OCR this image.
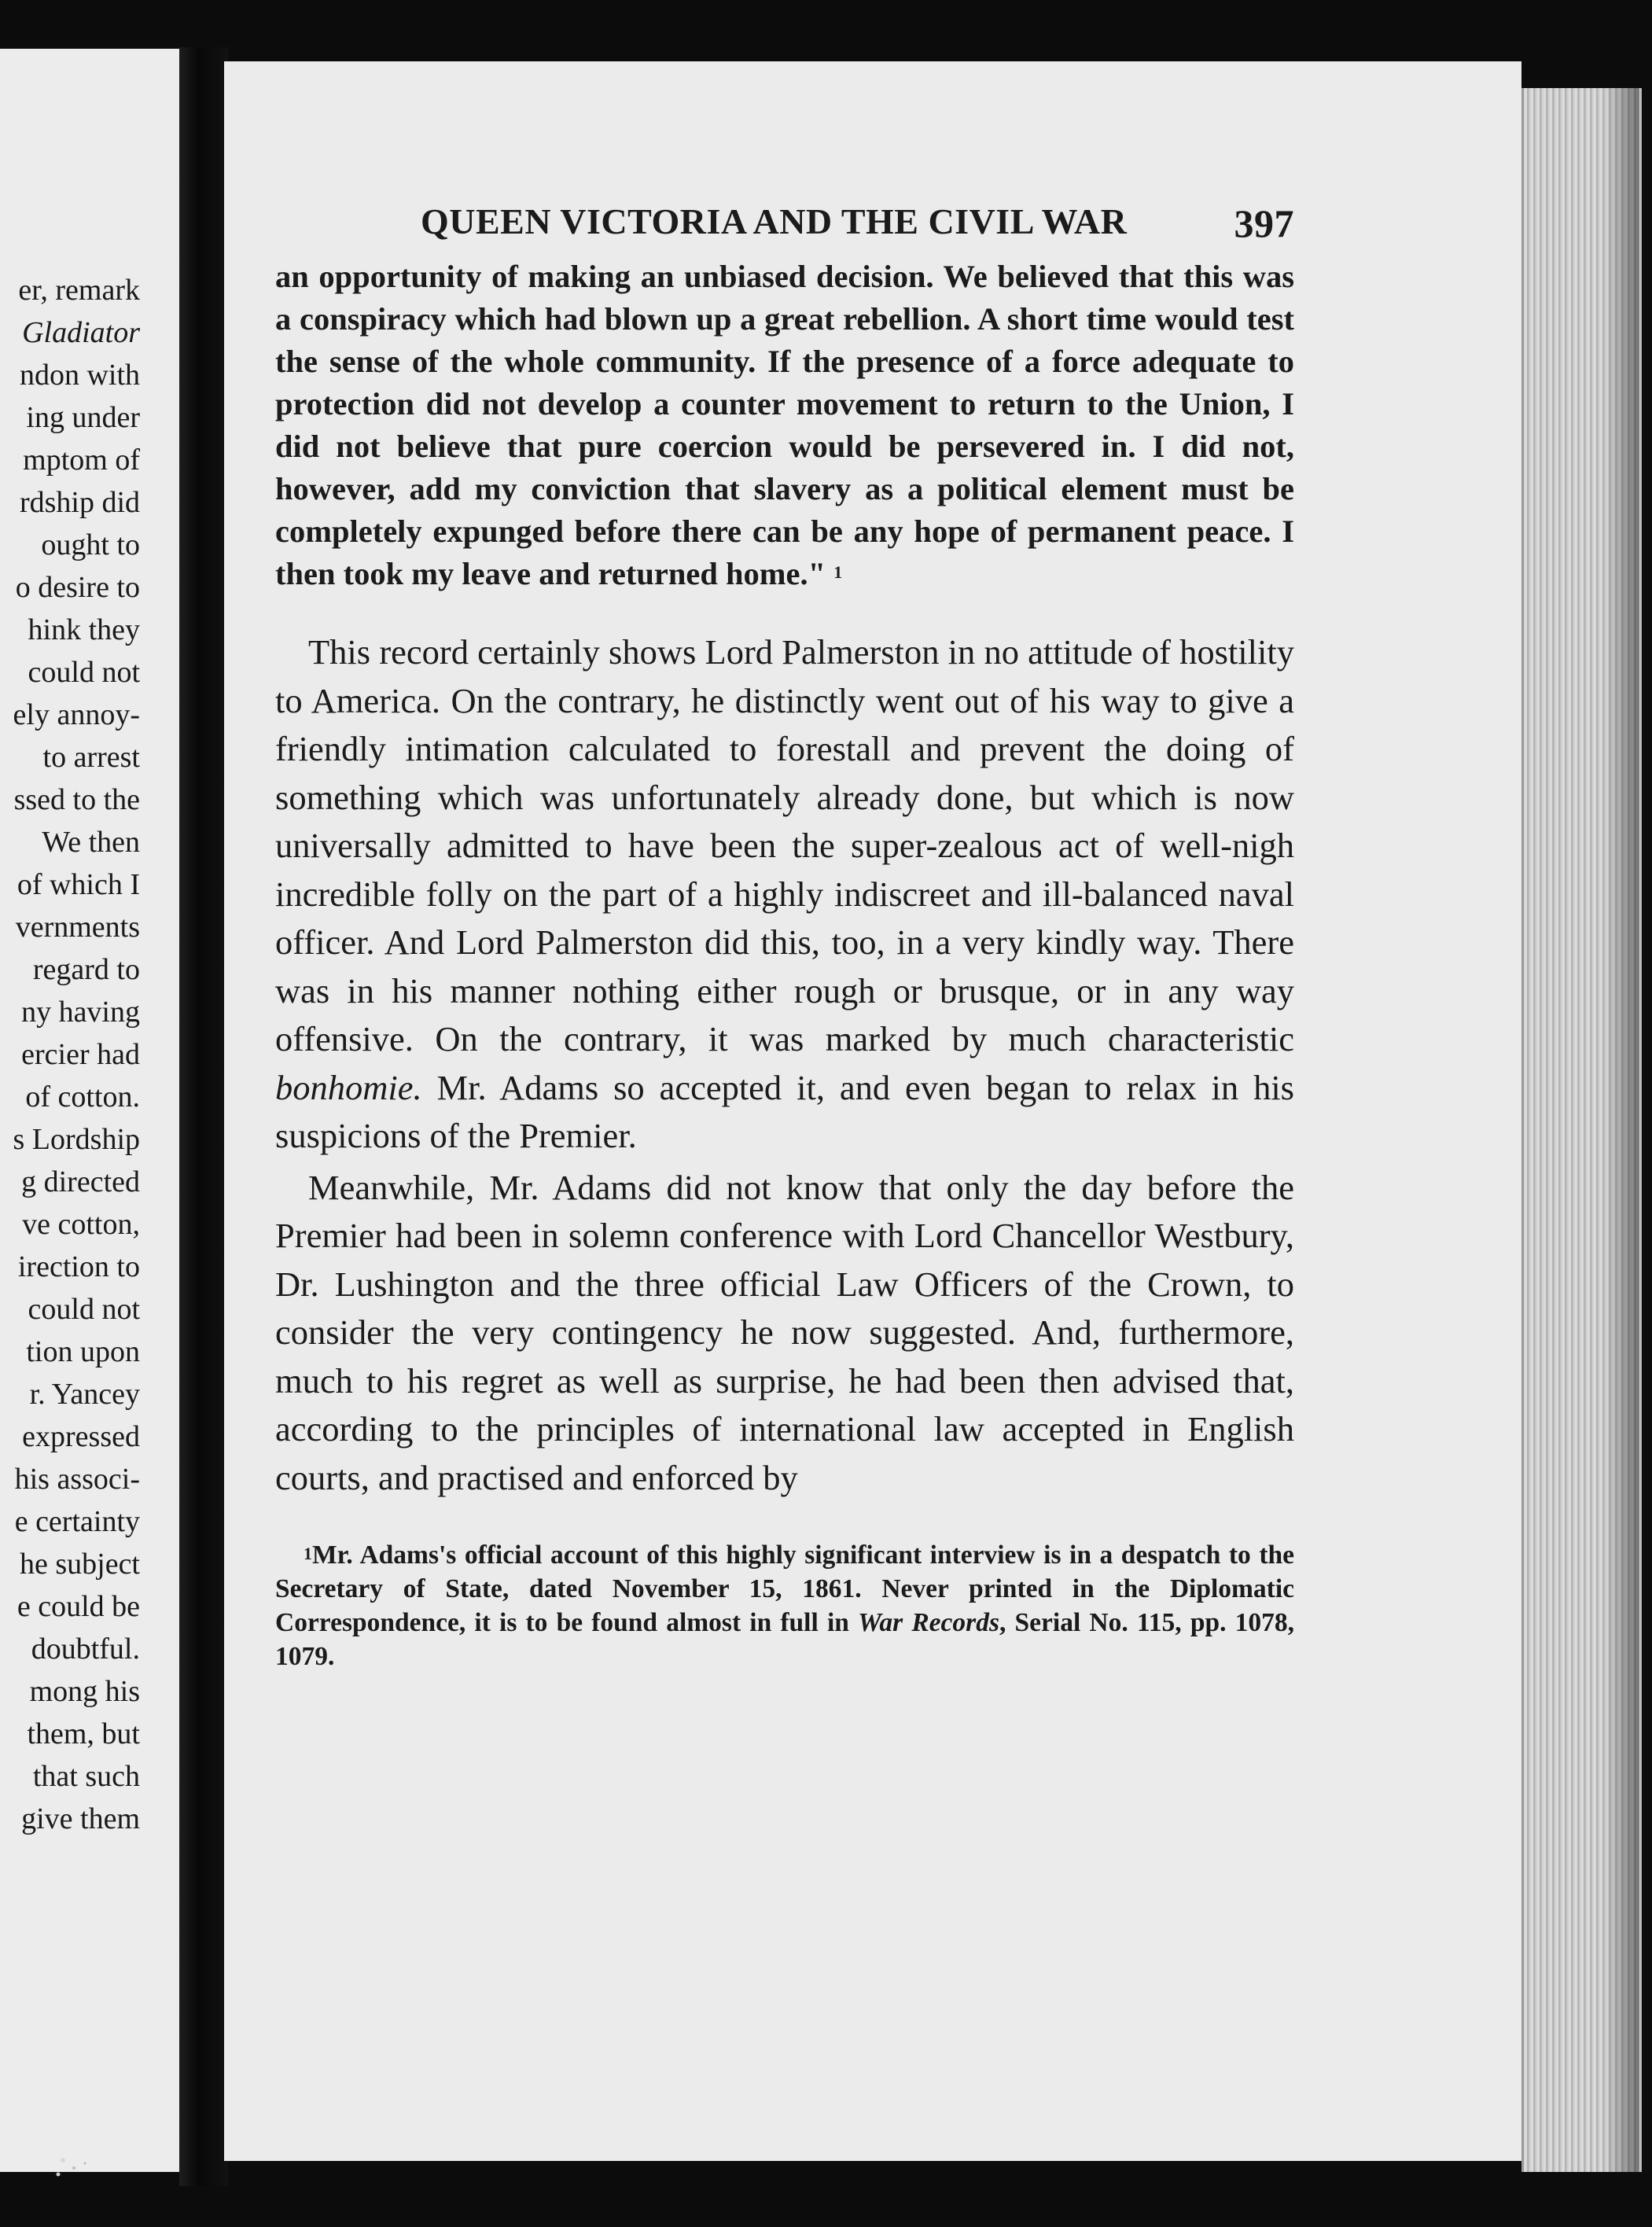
er, remark
Gladiator
ndon with
ing under
mptom of
rdship did
ought to
o desire to
hink they
could not
ely annoy-
to arrest
ssed to the
We then
of which I
vernments
regard to
ny having
ercier had
of cotton.
s Lordship
g directed
ve cotton,
irection to
could not
tion upon
r. Yancey
expressed
his associ-
e certainty
he subject
e could be
doubtful.
mong his
them, but
that such
give them
QUEEN VICTORIA AND THE CIVIL WAR	397

an opportunity of making an unbiased decision. We believed that this was a conspiracy which had blown up a great rebellion. A short time would test the sense of the whole community. If the presence of a force adequate to protection did not develop a counter movement to return to the Union, I did not believe that pure coercion would be persevered in. I did not, however, add my conviction that slavery as a political element must be completely expunged before there can be any hope of permanent peace. I then took my leave and returned home." $^1$

This record certainly shows Lord Palmerston in no attitude of hostility to America. On the contrary, he distinctly went out of his way to give a friendly intimation calculated to forestall and prevent the doing of something which was unfortunately already done, but which is now universally admitted to have been the super-zealous act of well-nigh incredible folly on the part of a highly indiscreet and ill-balanced naval officer. And Lord Palmerston did this, too, in a very kindly way. There was in his manner nothing either rough or brusque, or in any way offensive. On the contrary, it was marked by much characteristic bonhomie. Mr. Adams so accepted it, and even began to relax in his suspicions of the Premier.

Meanwhile, Mr. Adams did not know that only the day before the Premier had been in solemn conference with Lord Chancellor Westbury, Dr. Lushington and the three official Law Officers of the Crown, to consider the very contingency he now suggested. And, furthermore, much to his regret as well as surprise, he had been then advised that, according to the principles of international law accepted in English courts, and practised and enforced by

$^1$Mr. Adams's official account of this highly significant interview is in a despatch to the Secretary of State, dated November 15, 1861. Never printed in the Diplomatic Correspondence, it is to be found almost in full in War Records, Serial No. 115, pp. 1078, 1079.
